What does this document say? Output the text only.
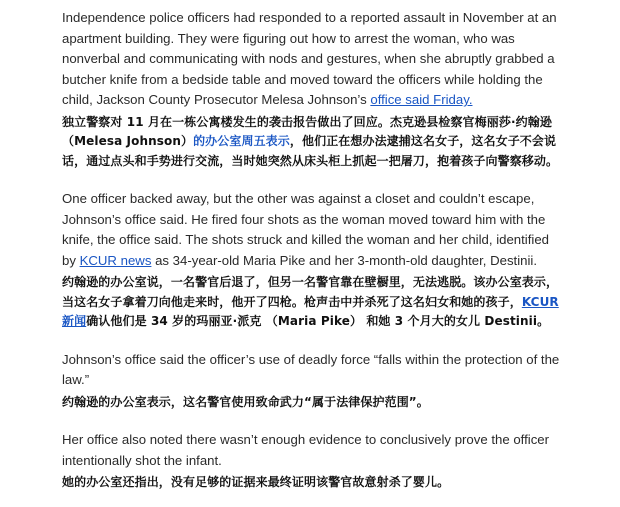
Independence police officers had responded to a reported assault in November at an apartment building. They were figuring out how to arrest the woman, who was nonverbal and communicating with nods and gestures, when she abruptly grabbed a butcher knife from a bedside table and moved toward the officers while holding the child, Jackson County Prosecutor Melesa Johnson’s office said Friday.

独立警察对 11 月在一栋公寓楼发生的袭击报告做出了回应。杰克逊县检察官梅丽莎·约翰逊（Melesa Johnson）的办公室周五表示，他们正在想办法逮捕这名女子，这名女子不会说话，通过点头和手势进行交流，当时她突然从床头柜上抓起一把屠刀，抱着孩子向警察移动。

One officer backed away, but the other was against a closet and couldn’t escape, Johnson’s office said. He fired four shots as the woman moved toward him with the knife, the office said. The shots struck and killed the woman and her child, identified by KCUR news as 34-year-old Maria Pike and her 3-month-old daughter, Destinii.

约翰逊的办公室说，一名警官后退了，但另一名警官靠在壁橱里，无法逃脱。该办公室表示，当这名女子拿着刀向他走来时，他开了四枪。枪声击中并杀死了这名妇女和她的孩子，KCUR 新闻确认他们是 34 岁的玛丽亚·派克 （Maria Pike） 和她 3 个月大的女儿 Destinii。

Johnson’s office said the officer’s use of deadly force “falls within the protection of the law.”

约翰逊的办公室表示，这名警官使用致命武力“属于法律保护范围”。

Her office also noted there wasn’t enough evidence to conclusively prove the officer intentionally shot the infant.

她的办公室还指出，没有足够的证据来最终证明该警官故意射杀了婴儿。
